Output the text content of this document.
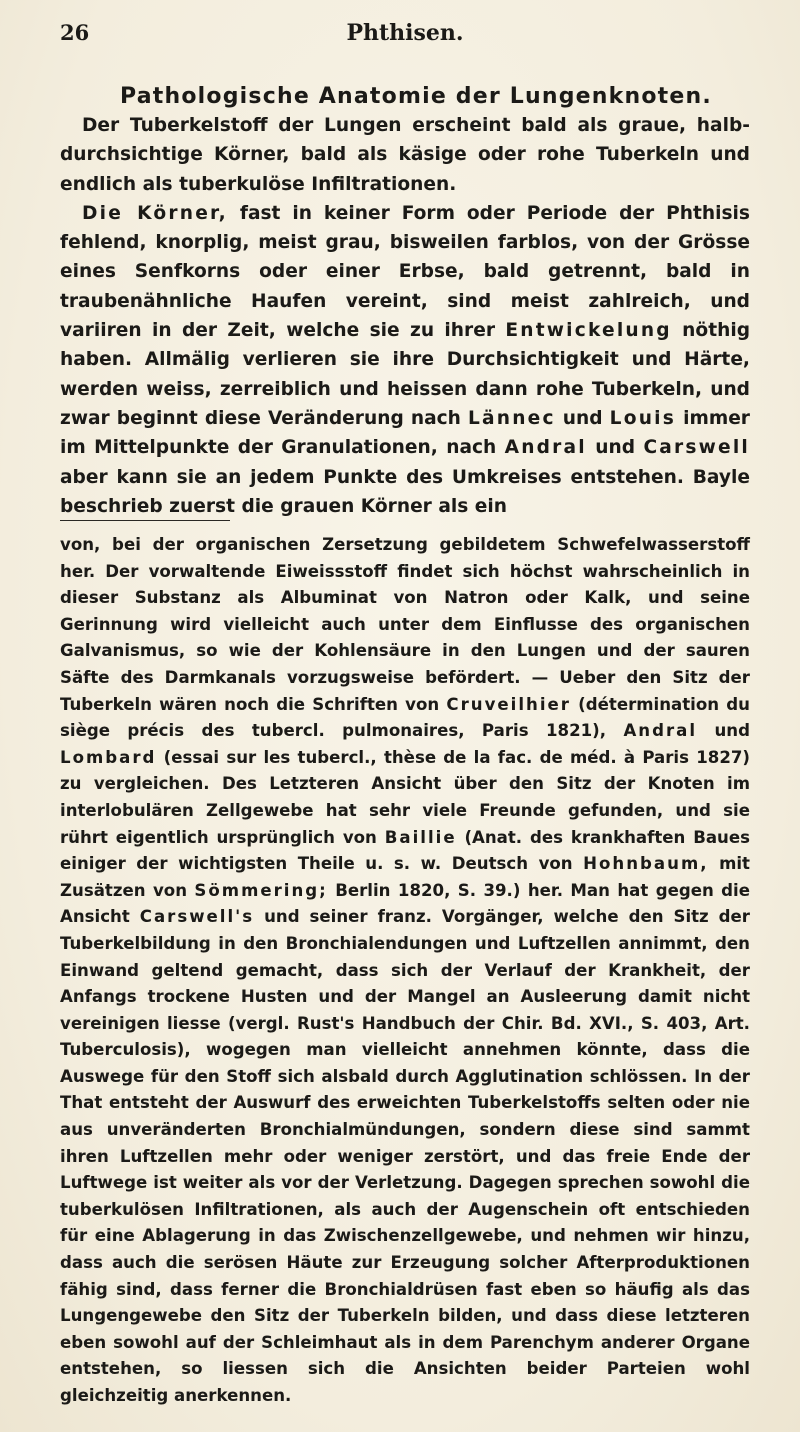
26	Phthisen.
Pathologische Anatomie der Lungenknoten.

Der Tuberkelstoff der Lungen erscheint bald als graue, halb-durchsichtige Körner, bald als käsige oder rohe Tuberkeln und endlich als tuberkulöse Infiltrationen.

Die Körner, fast in keiner Form oder Periode der Phthisis fehlend, knorplig, meist grau, bisweilen farblos, von der Grösse eines Senfkorns oder einer Erbse, bald getrennt, bald in traubenähnliche Haufen vereint, sind meist zahlreich, und variiren in der Zeit, welche sie zu ihrer Entwickelung nöthig haben. Allmälig verlieren sie ihre Durchsichtigkeit und Härte, werden weiss, zerreiblich und heissen dann rohe Tuberkeln, und zwar beginnt diese Veränderung nach Lännec und Louis immer im Mittelpunkte der Granulationen, nach Andral und Carswell aber kann sie an jedem Punkte des Umkreises entstehen. Bayle beschrieb zuerst die grauen Körner als ein

von, bei der organischen Zersetzung gebildetem Schwefelwasserstoff her. Der vorwaltende Eiweissstoff findet sich höchst wahrscheinlich in dieser Substanz als Albuminat von Natron oder Kalk, und seine Gerinnung wird vielleicht auch unter dem Einflusse des organischen Galvanismus, so wie der Kohlensäure in den Lungen und der sauren Säfte des Darmkanals vorzugsweise befördert. — Ueber den Sitz der Tuberkeln wären noch die Schriften von Cruveilhier (détermination du siège précis des tubercl. pulmonaires, Paris 1821), Andral und Lombard (essai sur les tubercl., thèse de la fac. de méd. à Paris 1827) zu vergleichen. Des Letzteren Ansicht über den Sitz der Knoten im interlobulären Zellgewebe hat sehr viele Freunde gefunden, und sie rührt eigentlich ursprünglich von Baillie (Anat. des krankhaften Baues einiger der wichtigsten Theile u. s. w. Deutsch von Hohnbaum, mit Zusätzen von Sömmering; Berlin 1820, S. 39.) her. Man hat gegen die Ansicht Carswell's und seiner franz. Vorgänger, welche den Sitz der Tuberkelbildung in den Bronchialendungen und Luftzellen annimmt, den Einwand geltend gemacht, dass sich der Verlauf der Krankheit, der Anfangs trockene Husten und der Mangel an Ausleerung damit nicht vereinigen liesse (vergl. Rust's Handbuch der Chir. Bd. XVI., S. 403, Art. Tuberculosis), wogegen man vielleicht annehmen könnte, dass die Auswege für den Stoff sich alsbald durch Agglutination schlössen. In der That entsteht der Auswurf des erweichten Tuberkelstoffs selten oder nie aus unveränderten Bronchialmündungen, sondern diese sind sammt ihren Luftzellen mehr oder weniger zerstört, und das freie Ende der Luftwege ist weiter als vor der Verletzung. Dagegen sprechen sowohl die tuberkulösen Infiltrationen, als auch der Augenschein oft entschieden für eine Ablagerung in das Zwischenzellgewebe, und nehmen wir hinzu, dass auch die serösen Häute zur Erzeugung solcher Afterproduktionen fähig sind, dass ferner die Bronchialdrüsen fast eben so häufig als das Lungengewebe den Sitz der Tuberkeln bilden, und dass diese letzteren eben sowohl auf der Schleimhaut als in dem Parenchym anderer Organe entstehen, so liessen sich die Ansichten beider Parteien wohl gleichzeitig anerkennen.
